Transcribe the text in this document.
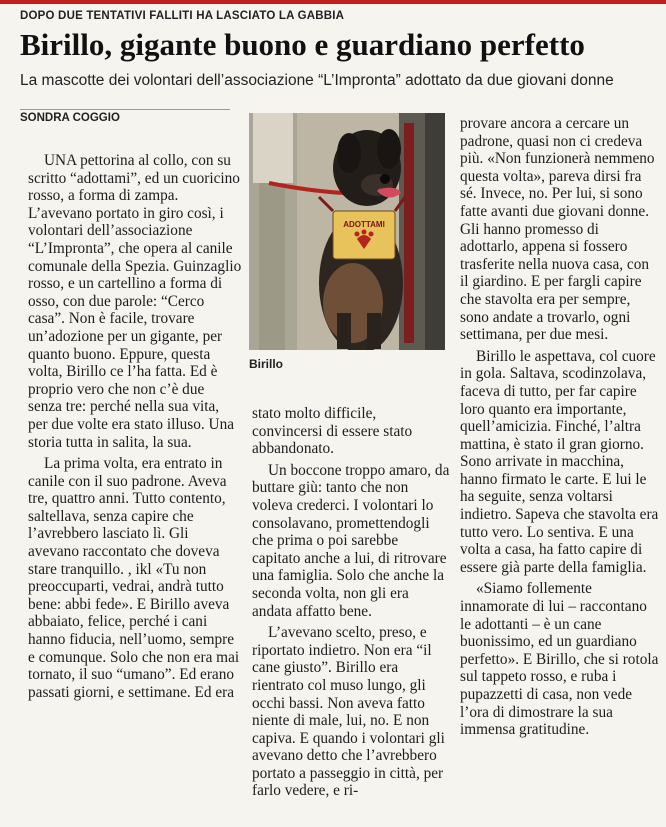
DOPO DUE TENTATIVI FALLITI HA LASCIATO LA GABBIA
Birillo, gigante buono e guardiano perfetto
La mascotte dei volontari dell’associazione “L’Impronta” adottato da due giovani donne
SONDRA COGGIO
UNA pettorina al collo, con su scritto “adottami”, ed un cuoricino rosso, a forma di zampa. L’avevano portato in giro così, i volontari dell’associazione “L’Impronta”, che opera al canile comunale della Spezia. Guinzaglio rosso, e un cartellino a forma di osso, con due parole: “Cerco casa”. Non è facile, trovare un’adozione per un gigante, per quanto buono. Eppure, questa volta, Birillo ce l’ha fatta. Ed è proprio vero che non c’è due senza tre: perché nella sua vita, per due volte era stato illuso. Una storia tutta in salita, la sua.
La prima volta, era entrato in canile con il suo padrone. Aveva tre, quattro anni. Tutto contento, saltellava, senza capire che l’avrebbero lasciato lì. Gli avevano raccontato che doveva stare tranquillo. , ikl «Tu non preoccuparti, vedrai, andrà tutto bene: abbi fede». E Birillo aveva abbaiato, felice, perché i cani hanno fiducia, nell’uomo, sempre e comunque. Solo che non era mai tornato, il suo “umano”. Ed erano passati giorni, e settimane. Ed era
ADOTTAMI
Birillo
stato molto difficile, convincersi di essere stato abbandonato.
Un boccone troppo amaro, da buttare giù: tanto che non voleva crederci. I volontari lo consolavano, promettendogli che prima o poi sarebbe capitato anche a lui, di ritrovare una famiglia. Solo che anche la seconda volta, non gli era andata affatto bene.
L’avevano scelto, preso, e riportato indietro. Non era “il cane giusto”. Birillo era rientrato col muso lungo, gli occhi bassi. Non aveva fatto niente di male, lui, no. E non capiva. E quando i volontari gli avevano detto che l’avrebbero portato a passeggio in città, per farlo vedere, e ri-
provare ancora a cercare un padrone, quasi non ci credeva più. «Non funzionerà nemmeno questa volta», pareva dirsi fra sé. Invece, no. Per lui, si sono fatte avanti due giovani donne. Gli hanno promesso di adottarlo, appena si fossero trasferite nella nuova casa, con il giardino. E per fargli capire che stavolta era per sempre, sono andate a trovarlo, ogni settimana, per due mesi.
Birillo le aspettava, col cuore in gola. Saltava, scodinzolava, faceva di tutto, per far capire loro quanto era importante, quell’amicizia. Finché, l’altra mattina, è stato il gran giorno. Sono arrivate in macchina, hanno firmato le carte. E lui le ha seguite, senza voltarsi indietro. Sapeva che stavolta era tutto vero. Lo sentiva. E una volta a casa, ha fatto capire di essere già parte della famiglia.
«Siamo follemente innamorate di lui – raccontano le adottanti – è un cane buonissimo, ed un guardiano perfetto». E Birillo, che si rotola sul tappeto rosso, e ruba i pupazzetti di casa, non vede l’ora di dimostrare la sua immensa gratitudine.
